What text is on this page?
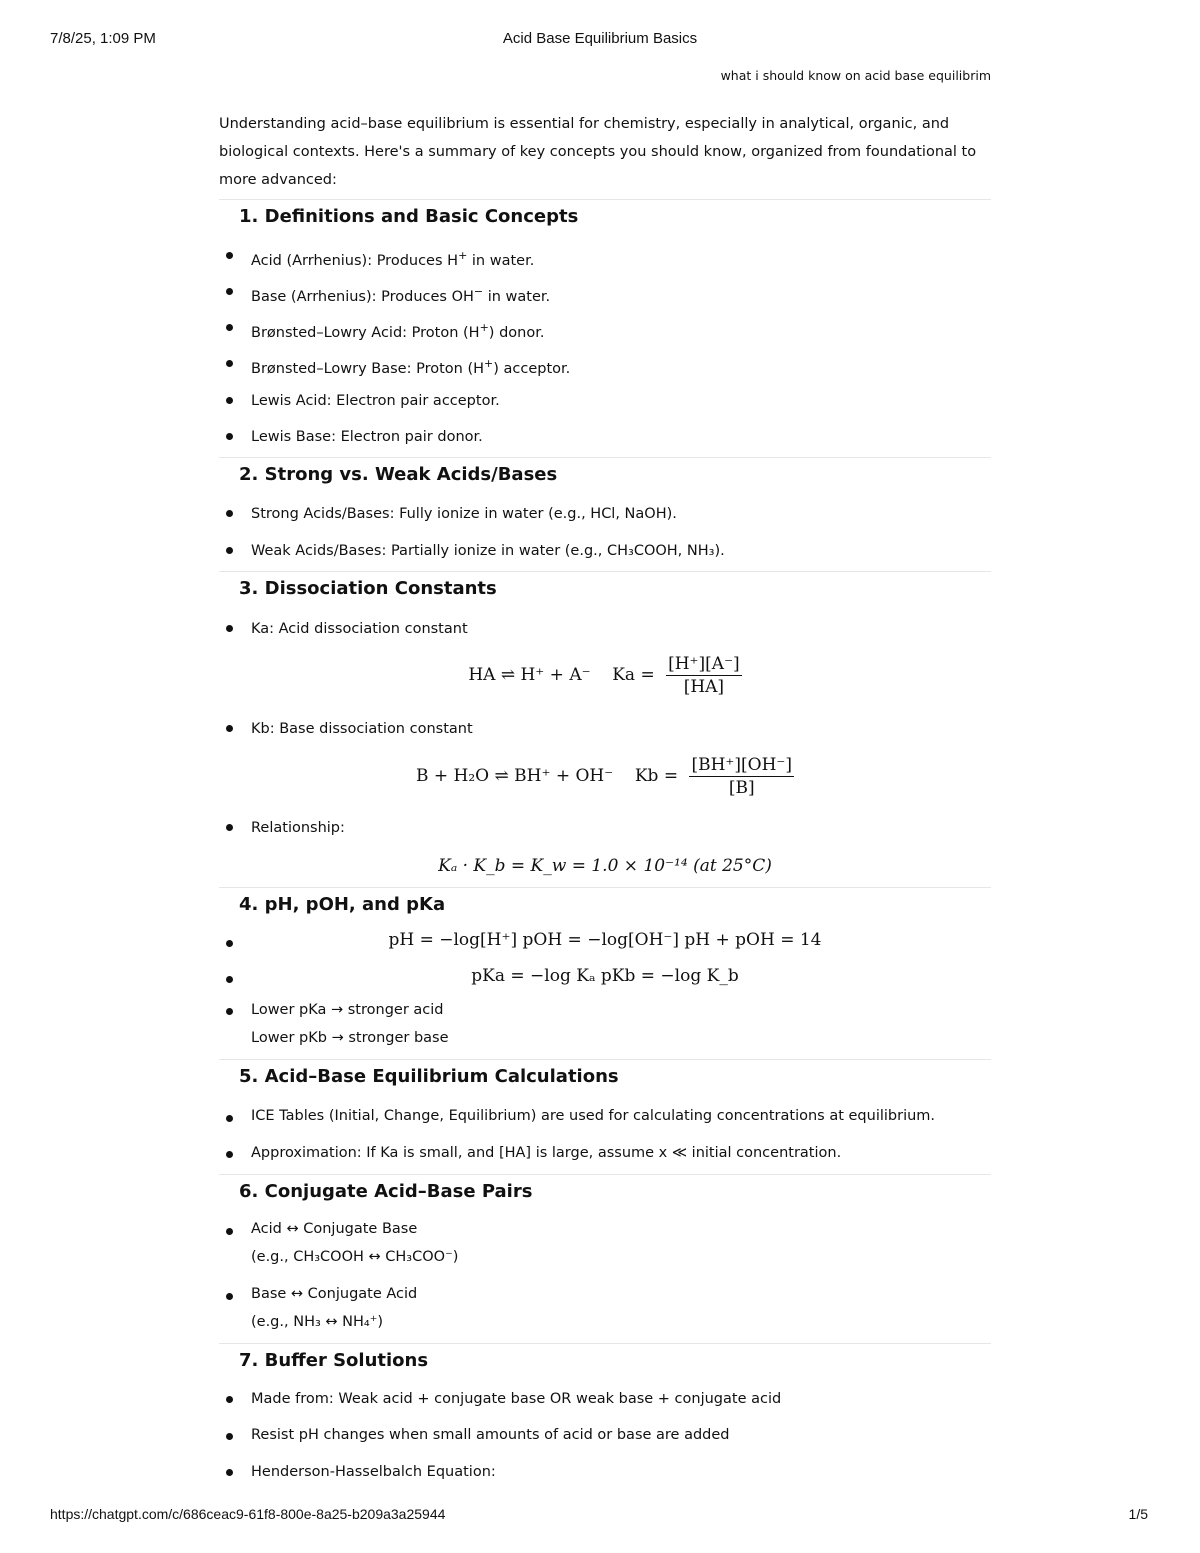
7/8/25, 1:09 PM	Acid Base Equilibrium Basics
what i should know on acid base equilibrim
Understanding acid–base equilibrium is essential for chemistry, especially in analytical, organic, and biological contexts. Here's a summary of key concepts you should know, organized from foundational to more advanced:
1. Definitions and Basic Concepts
Acid (Arrhenius): Produces H+ in water.
Base (Arrhenius): Produces OH− in water.
Brønsted–Lowry Acid: Proton (H+) donor.
Brønsted–Lowry Base: Proton (H+) acceptor.
Lewis Acid: Electron pair acceptor.
Lewis Base: Electron pair donor.
2. Strong vs. Weak Acids/Bases
Strong Acids/Bases: Fully ionize in water (e.g., HCl, NaOH).
Weak Acids/Bases: Partially ionize in water (e.g., CH₃COOH, NH₃).
3. Dissociation Constants
Ka: Acid dissociation constant
HA ⇌ H⁺ + A⁻ $Ka = \frac{[H^+][A^-]}{[HA]}$
Kb: Base dissociation constant
B + H₂O ⇌ BH⁺ + OH⁻ $Kb = \frac{[BH^+][OH^-]}{[B]}$
Relationship:
Kₐ · K_b = K_w = 1.0 × 10⁻¹⁴ (at 25°C)
4. pH, pOH, and pKa
pH = −log[H⁺] pOH = −log[OH⁻] pH + pOH = 14
pKa = −log Kₐ pKb = −log K_b
Lower pKa → stronger acid
Lower pKb → stronger base
5. Acid–Base Equilibrium Calculations
ICE Tables (Initial, Change, Equilibrium) are used for calculating concentrations at equilibrium.
Approximation: If Ka is small, and [HA] is large, assume x ≪ initial concentration.
6. Conjugate Acid–Base Pairs
Acid ↔ Conjugate Base
(e.g., CH₃COOH ↔ CH₃COO⁻)
Base ↔ Conjugate Acid
(e.g., NH₃ ↔ NH₄⁺)
7. Buffer Solutions
Made from: Weak acid + conjugate base OR weak base + conjugate acid
Resist pH changes when small amounts of acid or base are added
Henderson-Hasselbalch Equation:
https://chatgpt.com/c/686ceac9-61f8-800e-8a25-b209a3a25944	1/5
